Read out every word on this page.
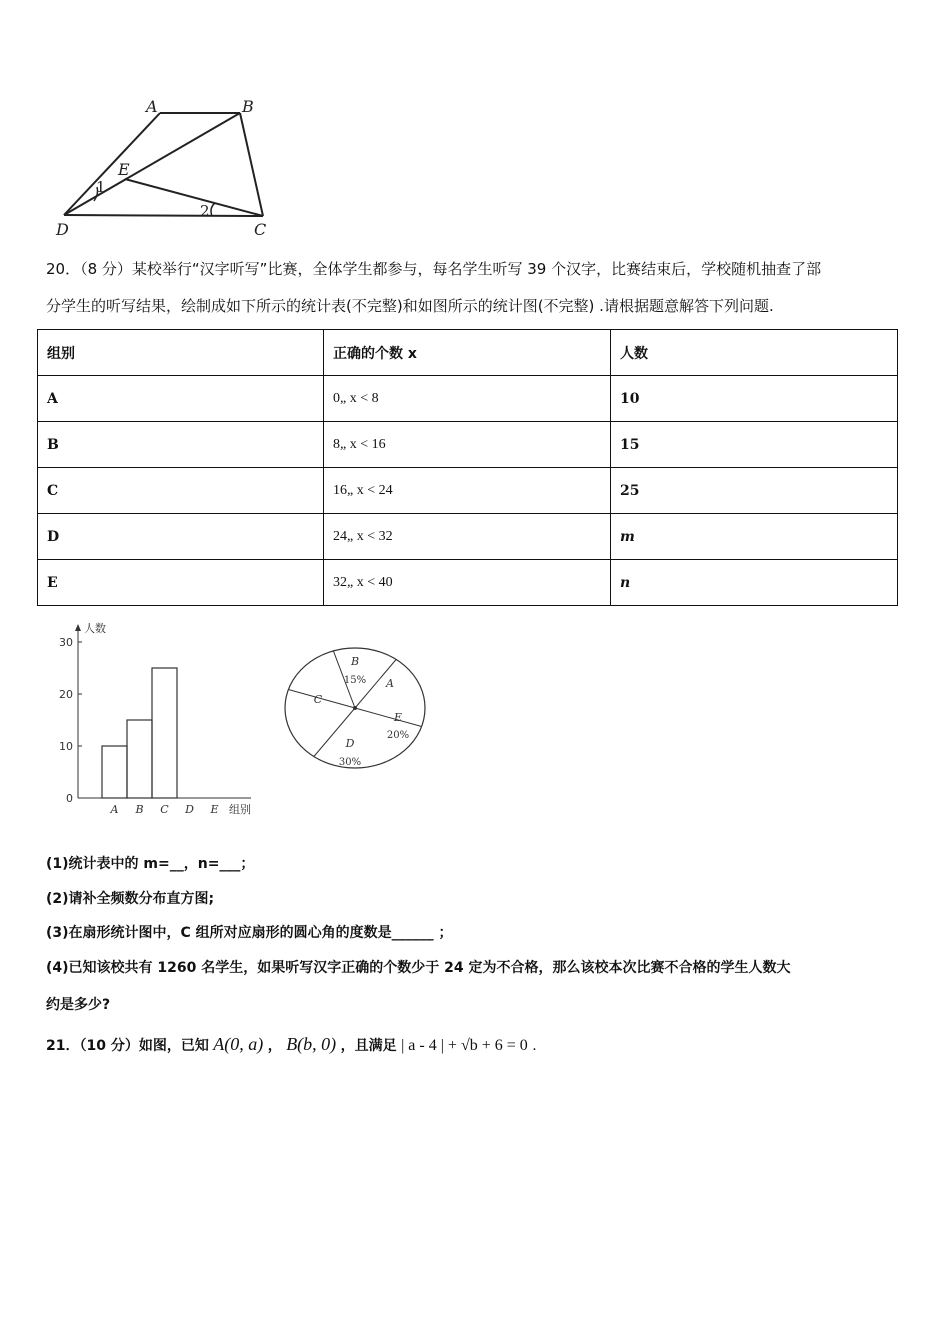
A	B
E
D	C
1
2
20．（8 分）某校举行“汉字听写”比赛，全体学生都参与，每名学生听写 39 个汉字，比赛结束后，学校随机抽查了部
分学生的听写结果，绘制成如下所示的统计表(不完整)和如图所示的统计图(不完整) .请根据题意解答下列问题.
组别	正确的个数 x	人数
A	0„ x < 8	10
B	8„ x < 16	15
C	16„ x < 24	25
D	24„ x < 32	m
E	32„ x < 40	n
人数
0
10
20
30
A B C D E 组别
B
15% A
C
E
20%
D
30%
(1)统计表中的 m=__，n=___；
(2)请补全频数分布直方图;
(3)在扇形统计图中，C 组所对应扇形的圆心角的度数是______ ；
(4)已知该校共有 1260 名学生，如果听写汉字正确的个数少于 24 定为不合格，那么该校本次比赛不合格的学生人数大
约是多少?
21．（10 分）如图，已知 A(0, a) ， B(b, 0) ，且满足 | a - 4 | + √b + 6 = 0 .
